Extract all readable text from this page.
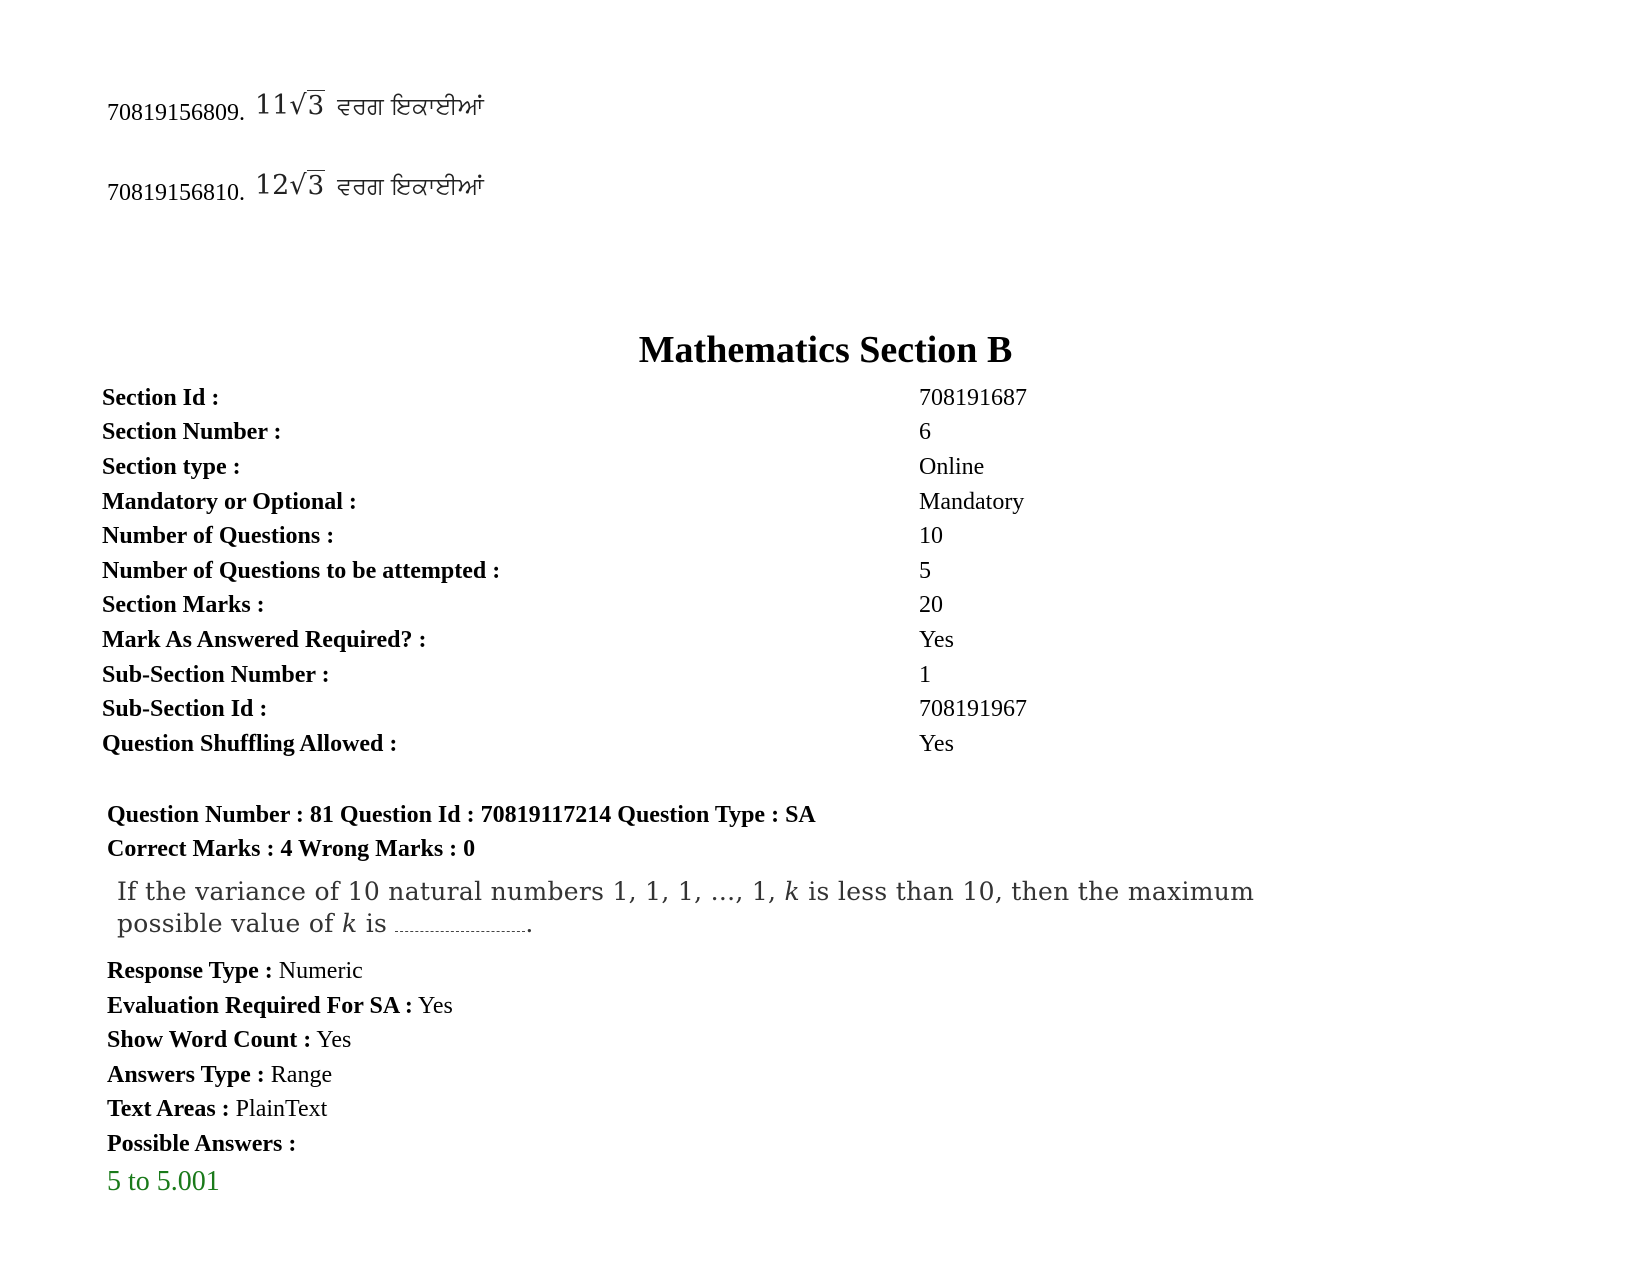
70819156809. 11 √ 3 ਵਰਗ ਇਕਾਈਆਂ
70819156810. 12 √ 3 ਵਰਗ ਇਕਾਈਆਂ
Mathematics Section B
Section Id :	708191687
Section Number :	6
Section type :	Online
Mandatory or Optional :	Mandatory
Number of Questions :	10
Number of Questions to be attempted :	5
Section Marks :	20
Mark As Answered Required? :	Yes
Sub-Section Number :	1
Sub-Section Id :	708191967
Question Shuffling Allowed :	Yes
Question Number : 81 Question Id : 70819117214 Question Type : SA
Correct Marks : 4 Wrong Marks : 0
If the variance of 10 natural numbers 1, 1, 1, ..., 1, k is less than 10, then the maximum possible value of k is	.
Response Type : Numeric
Evaluation Required For SA : Yes
Show Word Count : Yes
Answers Type : Range
Text Areas : PlainText
Possible Answers :
5 to 5.001
